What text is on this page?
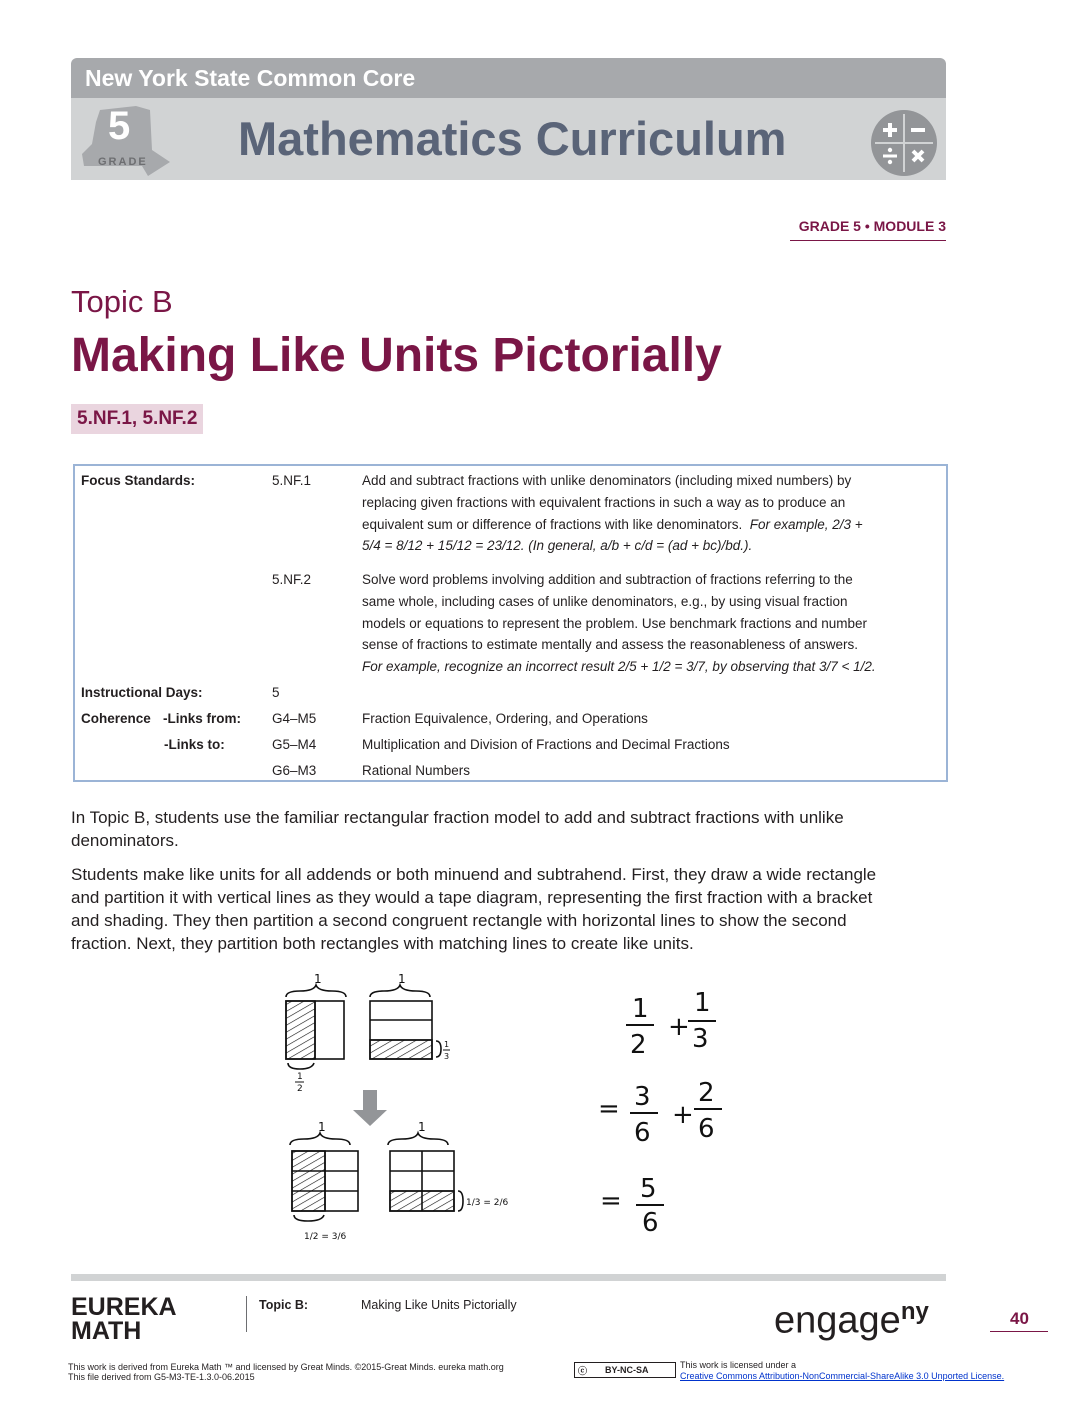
New York State Common Core
5
GRADE Mathematics Curriculum
GRADE 5 • MODULE 3
Topic B
Making Like Units Pictorially
5.NF.1, 5.NF.2
Focus Standards:	5.NF.1	Add and subtract fractions with unlike denominators (including mixed numbers) by
replacing given fractions with equivalent fractions in such a way as to produce an
equivalent sum or difference of fractions with like denominators. For example, 2/3 +
5/4 = 8/12 + 15/12 = 23/12. (In general, a/b + c/d = (ad + bc)/bd.).
5.NF.2	Solve word problems involving addition and subtraction of fractions referring to the
same whole, including cases of unlike denominators, e.g., by using visual fraction
models or equations to represent the problem. Use benchmark fractions and number
sense of fractions to estimate mentally and assess the reasonableness of answers.
For example, recognize an incorrect result 2/5 + 1/2 = 3/7, by observing that 3/7 < 1/2.
Instructional Days:	5
Coherence -Links from: G4–M5	Fraction Equivalence, Ordering, and Operations
-Links to:	G5–M4	Multiplication and Division of Fractions and Decimal Fractions
G6–M3	Rational Numbers
In Topic B, students use the familiar rectangular fraction model to add and subtract fractions with unlike
denominators.
Students make like units for all addends or both minuend and subtrahend. First, they draw a wide rectangle
and partition it with vertical lines as they would a tape diagram, representing the first fraction with a bracket
and shading. They then partition a second congruent rectangle with horizontal lines to show the second
fraction. Next, they partition both rectangles with matching lines to create like units.
1
1
2
1
1
3
1
1/2 = 3/6
1
1/3 = 2/6
1
2
+
1
3
= 3
6
+
2
6
= 5
6
EUREKA
MATH
Topic B:	Making Like Units Pictorially	engage$^{ny}$	40
This work is derived from Eureka Math ™ and licensed by Great Minds. ©2015-Great Minds. eureka math.org
This file derived from G5-M3-TE-1.3.0-06.2015
ⓒ BY-NC-SA	This work is licensed under a
Creative Commons Attribution-NonCommercial-ShareAlike 3.0 Unported License.
